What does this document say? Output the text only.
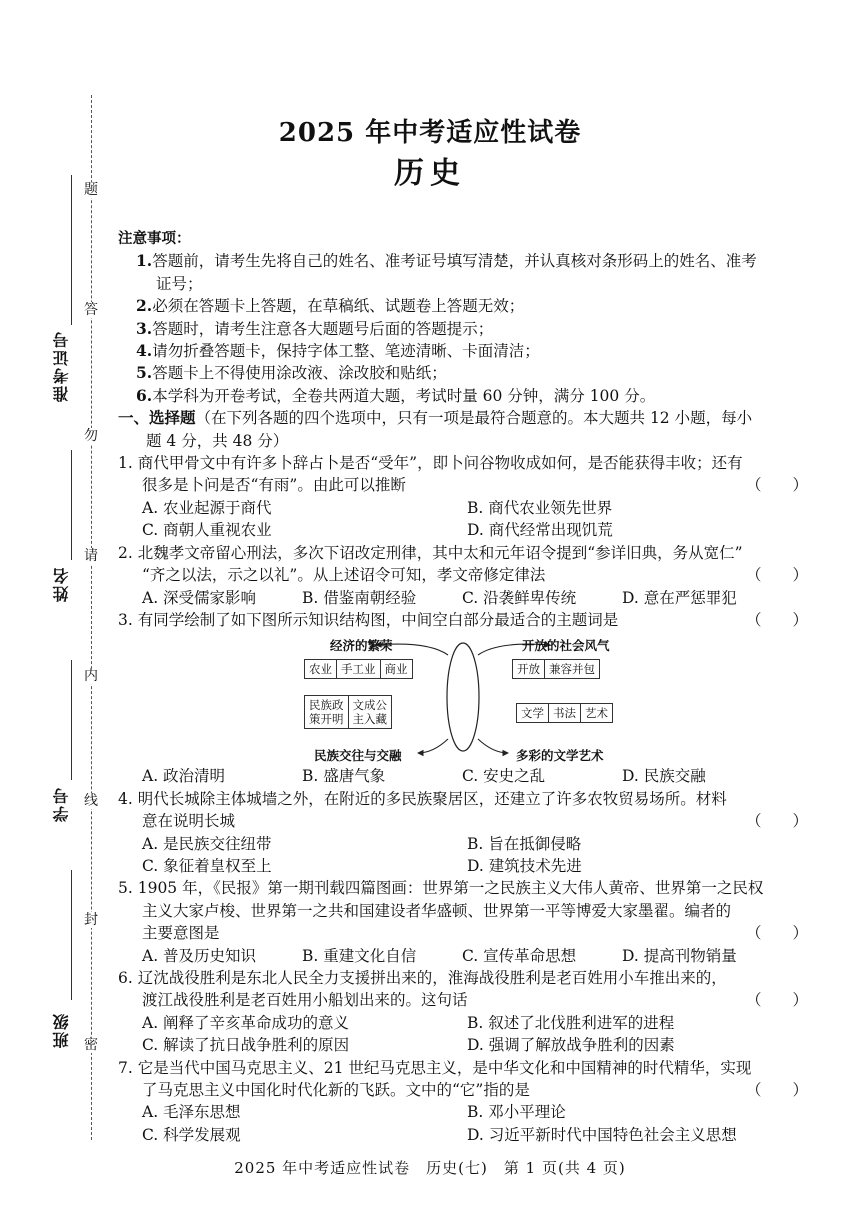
2025 年中考适应性试卷
历史
题
答
勿
请
内
线
封
密
准考证号
姓名
学号
班级

注意事项：

1.答题前，请考生先将自己的姓名、准考证号填写清楚，并认真核对条形码上的姓名、准考

证号；

2.必须在答题卡上答题，在草稿纸、试题卷上答题无效；

3.答题时，请考生注意各大题题号后面的答题提示；

4.请勿折叠答题卡，保持字体工整、笔迹清晰、卡面清洁；

5.答题卡上不得使用涂改液、涂改胶和贴纸；

6.本学科为开卷考试，全卷共两道大题，考试时量 60 分钟，满分 100 分。

一、选择题（在下列各题的四个选项中，只有一项是最符合题意的。本大题共 12 小题，每小

题 4 分，共 48 分）

1. 商代甲骨文中有许多卜辞占卜是否“受年”，即卜问谷物收成如何，是否能获得丰收；还有

（　　）
很多是卜问是否“有雨”。由此可以推断

A. 农业起源于商代	B. 商代农业领先世界
C. 商朝人重视农业	D. 商代经常出现饥荒

2. 北魏孝文帝留心刑法，多次下诏改定刑律，其中太和元年诏令提到“参详旧典，务从宽仁”

（　　）
“齐之以法，示之以礼”。从上述诏令可知，孝文帝修定律法

A. 深受儒家影响	B. 借鉴南朝经验	C. 沿袭鲜卑传统	D. 意在严惩罪犯

（　　）
3. 有同学绘制了如下图所示知识结构图，中间空白部分最适合的主题词是

经济的繁荣	开放的社会风气
农业 手工业 商业	开放 兼容并包
民族政
策开明
文成公
主入藏	文学 书法 艺术
民族交往与交融	多彩的文学艺术
A. 政治清明	B. 盛唐气象	C. 安史之乱	D. 民族交融

4. 明代长城除主体城墙之外，在附近的多民族聚居区，还建立了许多农牧贸易场所。材料

（　　）
意在说明长城

A. 是民族交往纽带	B. 旨在抵御侵略
C. 象征着皇权至上	D. 建筑技术先进

5. 1905 年，《民报》第一期刊载四篇图画：世界第一之民族主义大伟人黄帝、世界第一之民权

主义大家卢梭、世界第一之共和国建设者华盛顿、世界第一平等博爱大家墨翟。编者的

（　　）
主要意图是

A. 普及历史知识	B. 重建文化自信	C. 宣传革命思想	D. 提高刊物销量

6. 辽沈战役胜利是东北人民全力支援拼出来的，淮海战役胜利是老百姓用小车推出来的，

（　　）
渡江战役胜利是老百姓用小船划出来的。这句话

A. 阐释了辛亥革命成功的意义	B. 叙述了北伐胜利进军的进程
C. 解读了抗日战争胜利的原因	D. 强调了解放战争胜利的因素

7. 它是当代中国马克思主义、21 世纪马克思主义，是中华文化和中国精神的时代精华，实现

（　　）
了马克思主义中国化时代化新的飞跃。文中的“它”指的是

A. 毛泽东思想	B. 邓小平理论
C. 科学发展观	D. 习近平新时代中国特色社会主义思想
2025 年中考适应性试卷　历史(七)　第 1 页(共 4 页)
